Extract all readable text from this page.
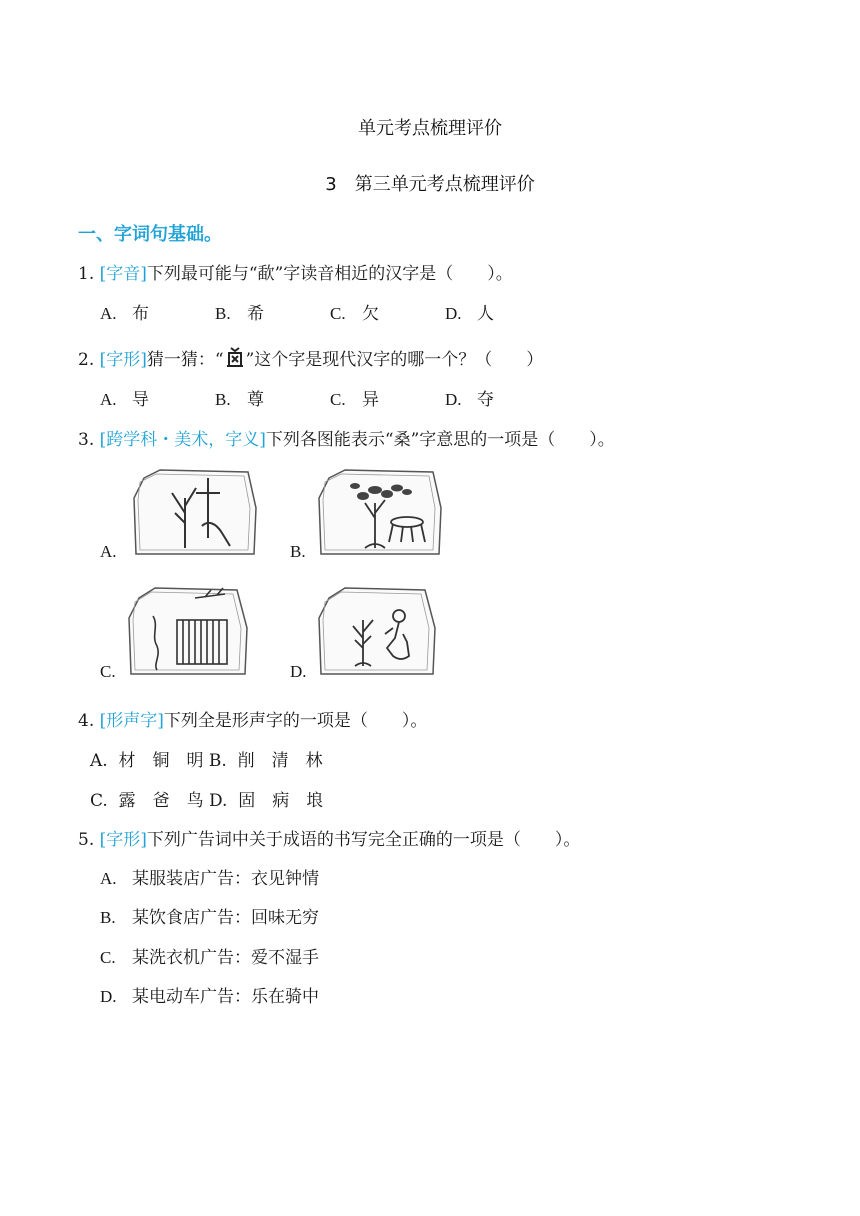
单元考点梳理评价
3　第三单元考点梳理评价
一、字词句基础。
1. [字音]下列最可能与“歃”字读音相近的汉字是（　　）。
A. 布	B. 希	C. 欠	D. 人
2. [字形]猜一猜：“ ”这个字是现代汉字的哪一个？（　　）
A. 导	B. 尊	C. 异	D. 夺
3. [跨学科・美术，字义]下列各图能表示“桑”字意思的一项是（　　）。
A.	B.
C.	D.
4. [形声字]下列全是形声字的一项是（　　）。
A.  材　铜　明 B.  削　清　林
C.  露　爸　鸟 D.  固　病　埌
5. [字形]下列广告词中关于成语的书写完全正确的一项是（　　）。
A. 某服装店广告：衣见钟情
B. 某饮食店广告：回味无穷
C. 某洗衣机广告：爱不湿手
D. 某电动车广告：乐在骑中
